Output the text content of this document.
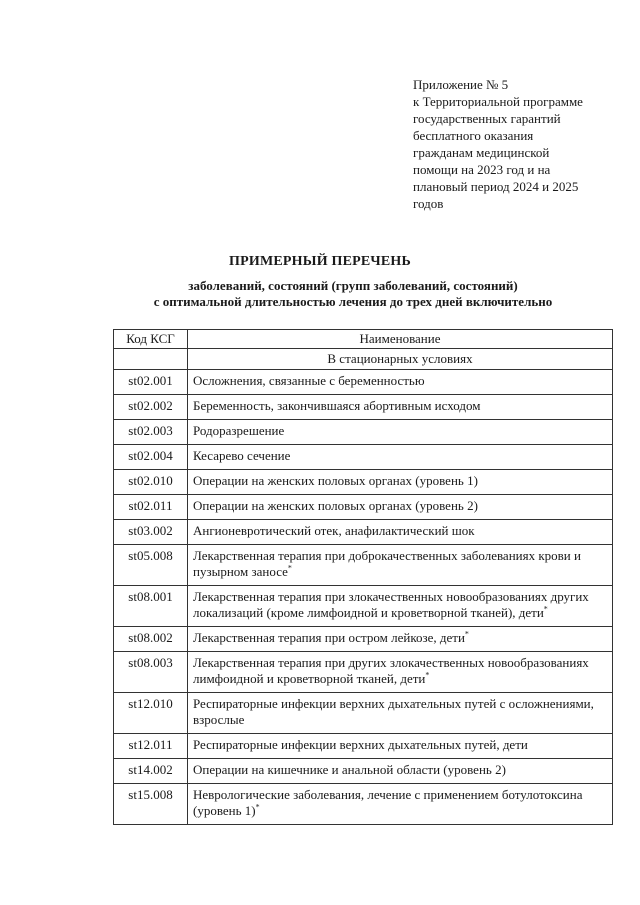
Приложение № 5
к Территориальной программе
государственных гарантий
бесплатного оказания
гражданам медицинской
помощи на 2023 год и на
плановый период 2024 и 2025
годов
ПРИМЕРНЫЙ ПЕРЕЧЕНЬ
заболеваний, состояний (групп заболеваний, состояний)
с оптимальной длительностью лечения до трех дней включительно
Код КСГ	Наименование
	В стационарных условиях
st02.001	Осложнения, связанные с беременностью
st02.002	Беременность, закончившаяся абортивным исходом
st02.003	Родоразрешение
st02.004	Кесарево сечение
st02.010	Операции на женских половых органах (уровень 1)
st02.011	Операции на женских половых органах (уровень 2)
st03.002	Ангионевротический отек, анафилактический шок
st05.008	Лекарственная терапия при доброкачественных заболеваниях крови и пузырном заносе*
st08.001	Лекарственная терапия при злокачественных новообразованиях других локализаций (кроме лимфоидной и кроветворной тканей), дети*
st08.002	Лекарственная терапия при остром лейкозе, дети*
st08.003	Лекарственная терапия при других злокачественных новообразованиях лимфоидной и кроветворной тканей, дети*
st12.010	Респираторные инфекции верхних дыхательных путей с осложнениями, взрослые
st12.011	Респираторные инфекции верхних дыхательных путей, дети
st14.002	Операции на кишечнике и анальной области (уровень 2)
st15.008	Неврологические заболевания, лечение с применением ботулотоксина (уровень 1)*
